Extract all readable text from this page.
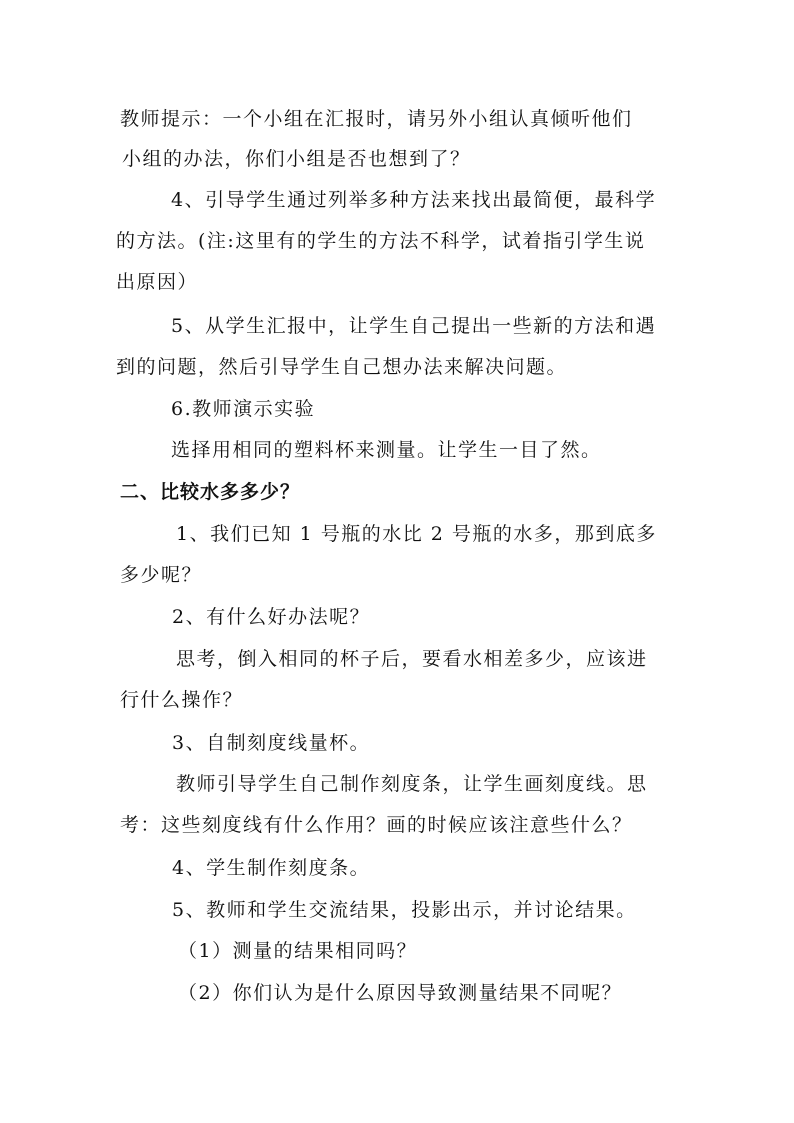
教师提示：一个小组在汇报时，请另外小组认真倾听他们
小组的办法，你们小组是否也想到了？
4、引导学生通过列举多种方法来找出最简便，最科学
的方法。(注:这里有的学生的方法不科学，试着指引学生说
出原因）
5、从学生汇报中，让学生自己提出一些新的方法和遇
到的问题，然后引导学生自己想办法来解决问题。
6.教师演示实验
选择用相同的塑料杯来测量。让学生一目了然。
二、比较水多多少？
1、我们已知 1 号瓶的水比 2 号瓶的水多，那到底多
多少呢？
2、有什么好办法呢？
思考，倒入相同的杯子后，要看水相差多少，应该进
行什么操作？
3、自制刻度线量杯。
教师引导学生自己制作刻度条，让学生画刻度线。思
考：这些刻度线有什么作用？画的时候应该注意些什么？
4、学生制作刻度条。
5、教师和学生交流结果，投影出示，并讨论结果。
（1）测量的结果相同吗？
（2）你们认为是什么原因导致测量结果不同呢？
